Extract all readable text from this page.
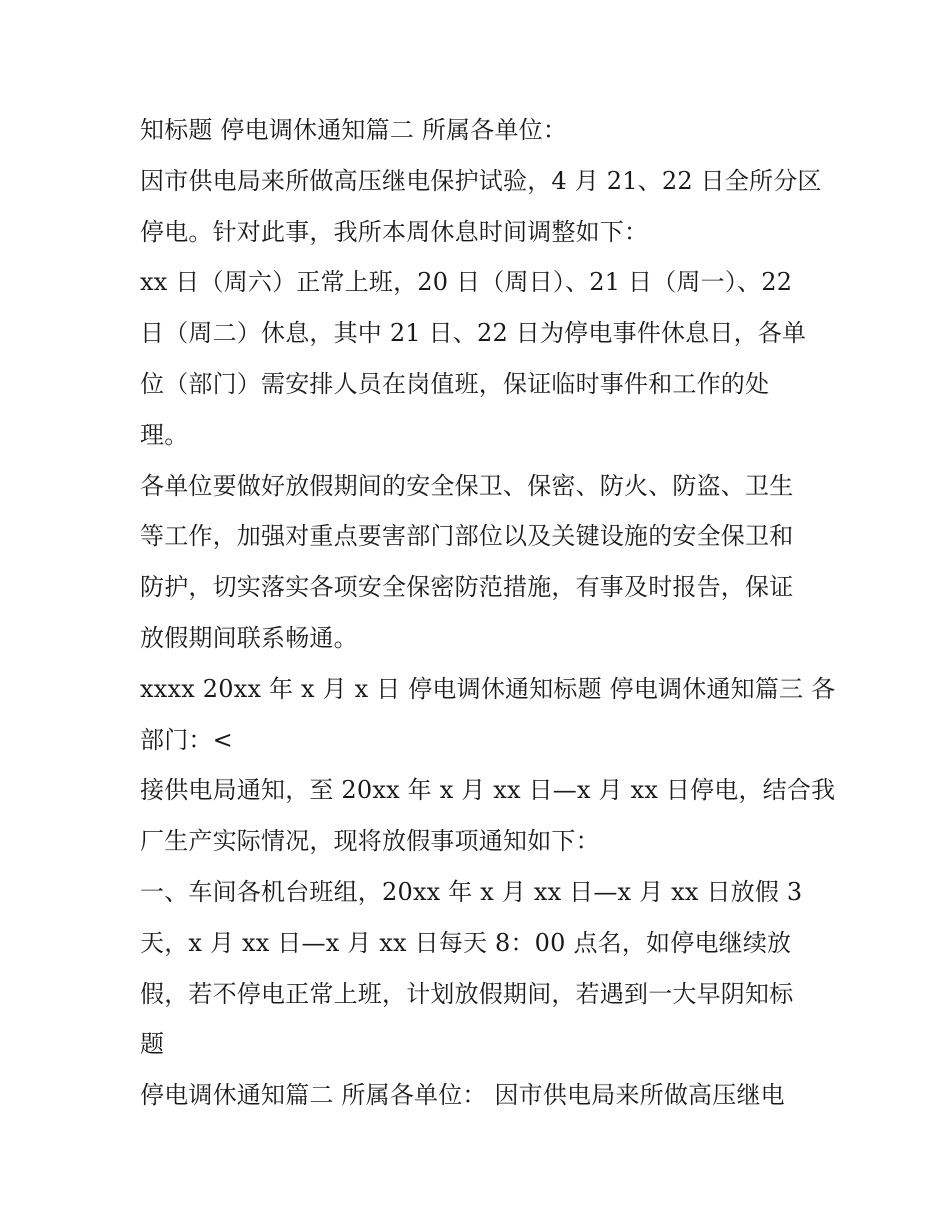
知标题 停电调休通知篇二 所属各单位：

因市供电局来所做高压继电保护试验，4 月 21、22 日全所分区

停电。针对此事，我所本周休息时间调整如下：

xx 日（周六）正常上班，20 日（周日）、21 日（周一）、22

日（周二）休息，其中 21 日、22 日为停电事件休息日，各单

位（部门）需安排人员在岗值班，保证临时事件和工作的处

理。

各单位要做好放假期间的安全保卫、保密、防火、防盗、卫生

等工作，加强对重点要害部门部位以及关键设施的安全保卫和

防护，切实落实各项安全保密防范措施，有事及时报告，保证

放假期间联系畅通。

xxxx 20xx 年 x 月 x 日 停电调休通知标题 停电调休通知篇三 各

部门：<

接供电局通知，至 20xx 年 x 月 xx 日—x 月 xx 日停电，结合我

厂生产实际情况，现将放假事项通知如下：

一、车间各机台班组，20xx 年 x 月 xx 日—x 月 xx 日放假 3

天，x 月 xx 日—x 月 xx 日每天 8：00 点名，如停电继续放

假，若不停电正常上班，计划放假期间，若遇到一大早阴知标

题

停电调休通知篇二 所属各单位： 因市供电局来所做高压继电
